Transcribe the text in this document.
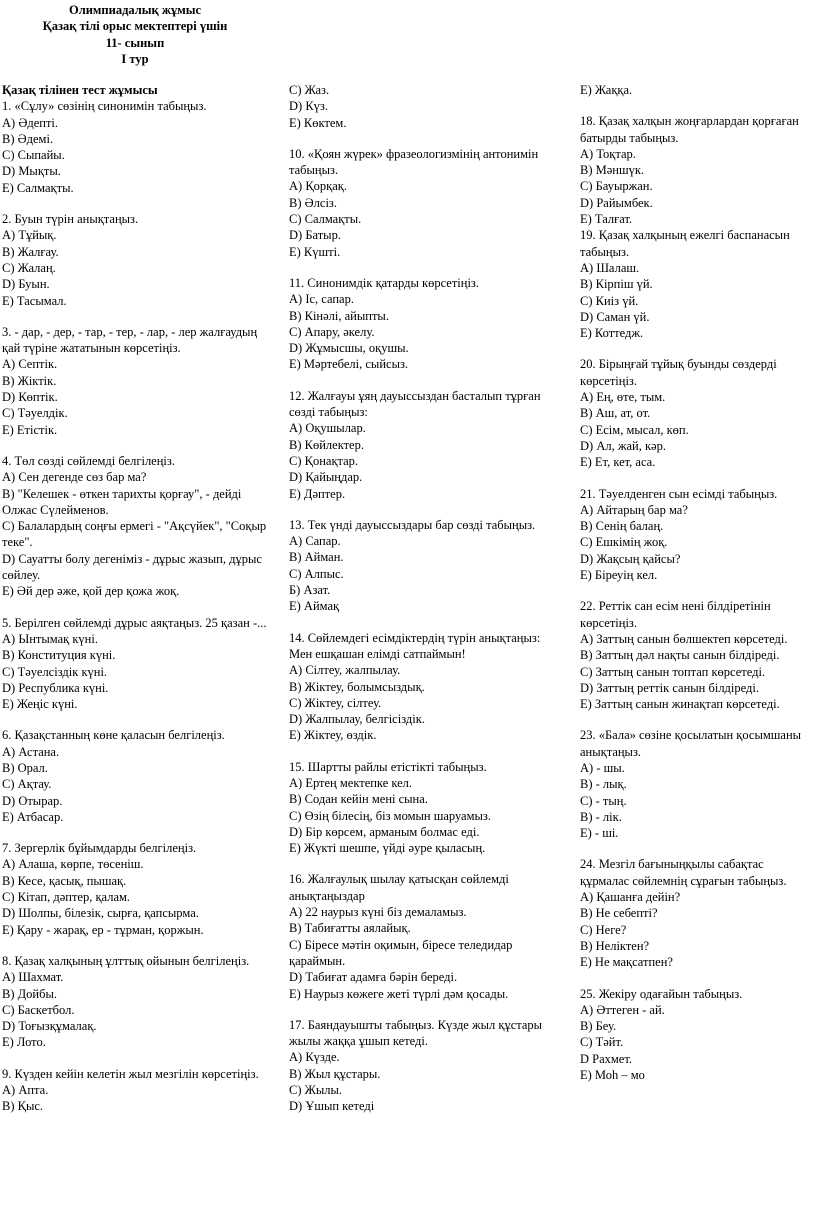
Олимпиадалық жұмыс
Қазақ тілі орыс мектептері үшін
11- сынып
I тур

Қазақ тілінен тест жұмысы

1. «Сұлу» сөзінің синонимін табыңыз.

A) Әдепті.

B) Әдемі.

C) Сыпайы.

D) Мықты.

E) Салмақты.

2. Буын түрін анықтаңыз.

A) Тұйық.

B) Жалғау.

C) Жалаң.

D) Буын.

E) Тасымал.

3. - дар, - дер, - тар, - тер, - лар, - лер жалғаудың қай түріне жататынын көрсетіңіз.

A) Септік.

B) Жіктік.

D) Көптік.

C) Тәуелдік.

E) Етістік.

4. Төл сөзді сөйлемді белгілеңіз.

A) Сен дегенде сөз бар ма?

B) "Келешек - өткен тарихты қорғау", - дейді Олжас Сүлейменов.

C) Балалардың соңғы ермегі - "Ақсүйек", "Соқыр теке".

D) Сауатты болу дегеніміз - дұрыс жазып, дұрыс сөйлеу.

E) Әй дер әже, қой дер қожа жоқ.

5. Берілген сөйлемді дұрыс аяқтаңыз. 25 қазан -...

A) Ынтымақ күні.

B) Конституция күні.

C) Тәуелсіздік күні.

D) Республика күні.

E) Жеңіс күні.

6. Қазақстанның көне қаласын белгілеңіз.

A) Астана.

B) Орал.

C) Ақтау.

D) Отырар.

E) Атбасар.

7. Зергерлік бұйымдарды белгілеңіз.

A) Алаша, көрпе, төсеніш.

B) Кесе, қасық, пышақ.

C) Кітап, дәптер, қалам.

D) Шолпы, білезік, сырға, қапсырма.

E) Қару - жарақ, ер - тұрман, қоржын.

8. Қазақ халқының ұлттық ойынын белгілеңіз.

A) Шахмат.

B) Дойбы.

C) Баскетбол.

D) Тоғызқұмалақ.

E) Лото.

9. Күзден кейін келетін жыл мезгілін көрсетіңіз.

A) Апта.

B) Қыс.

C) Жаз.

D) Күз.

E) Көктем.

10. «Қоян жүрек» фразеологизмінің антонимін табыңыз.

A) Қорқақ.

B) Әлсіз.

C) Салмақты.

D) Батыр.

E) Күшті.

11. Синонимдік қатарды көрсетіңіз.

A) Іс, сапар.

B) Кінәлі, айыпты.

C) Апару, әкелу.

D) Жұмысшы, оқушы.

E) Мәртебелі, сыйсыз.

12. Жалғауы ұяң дауыссыздан басталып тұрған сөзді табыңыз:

A) Оқушылар.

B) Көйлектер.

C) Қонақтар.

D) Қайыңдар.

E) Дәптер.

13. Тек үнді дауыссыздары бар сөзді табыңыз.

A) Сапар.

B) Айман.

C) Алпыс.

Б) Азат.

E) Аймақ

14. Сөйлемдегі есімдіктердің түрін анықтаңыз: Мен ешқашан елімді сатпаймын!

A) Сілтеу, жалпылау.

B) Жіктеу, болымсыздық.

C) Жіктеу, сілтеу.

D) Жалпылау, белгісіздік.

E) Жіктеу, өздік.

15. Шартты райлы етістікті табыңыз.

A) Ертең мектепке кел.

B) Содан кейін мені сына.

C) Өзің білесің, біз момын шаруамыз.

D) Бір көрсем, арманым болмас еді.

E) Жүкті шешпе, үйді әуре қыласың.

16. Жалғаулық шылау қатысқан сөйлемді анықтаңыздар

A) 22 наурыз күні біз демаламыз.

B) Табиғатты аялайық.

C) Біресе мәтін оқимын, біресе теледидар қараймын.

D) Табиғат адамға бәрін береді.

E) Наурыз көжеге жеті түрлі дәм қосады.

17. Баяндауышты табыңыз. Күзде жыл құстары жылы жаққа ұшып кетеді.

A) Күзде.

B) Жыл құстары.

C) Жылы.

D) Ұшып кетеді

E) Жаққа.

18. Қазақ халқын жоңғарлардан қорғаған батырды табыңыз.

A) Тоқтар.

B) Мәншүк.

C) Бауыржан.

D) Райымбек.

E) Талғат.

19. Қазақ халқының ежелгі баспанасын табыңыз.

A) Шалаш.

B) Кірпіш үй.

C) Киіз үй.

D) Саман үй.

E) Коттедж.

20. Бірыңғай тұйық буынды сөздерді көрсетіңіз.

A) Ең, өте, тым.

B) Аш, ат, от.

C) Есім, мысал, көп.

D) Ал, жай, кәр.

E) Ет, кет, аса.

21. Тәуелденген сын есімді табыңыз.

A) Айтарың бар ма?

B) Сенің балаң.

C) Ешкімің жоқ.

D) Жақсың қайсы?

E) Біреуің кел.

22. Реттік сан есім нені білдіретінін көрсетіңіз.

A) Заттың санын бөлшектеп көрсетеді.

B) Заттың дәл нақты санын білдіреді.

C) Заттың санын топтап көрсетеді.

D) Заттың реттік санын білдіреді.

E) Заттың санын жинақтап көрсетеді.

23. «Бала» сөзіне қосылатын қосымшаны анықтаңыз.

A) - шы.

B) - лық.

C) - тың.

B) - лік.

E) - ші.

24. Мезгіл бағыныңқылы сабақтас құрмалас сөйлемнің сұрағын табыңыз.

A) Қашанға дейін?

B) Не себепті?

C) Неге?

B) Неліктен?

E) Не мақсатпен?

25. Жекіру одағайын табыңыз.

A) Әттеген - ай.

B) Беу.

C) Тәйт.

D Рахмет.

E) Моһ – мо
